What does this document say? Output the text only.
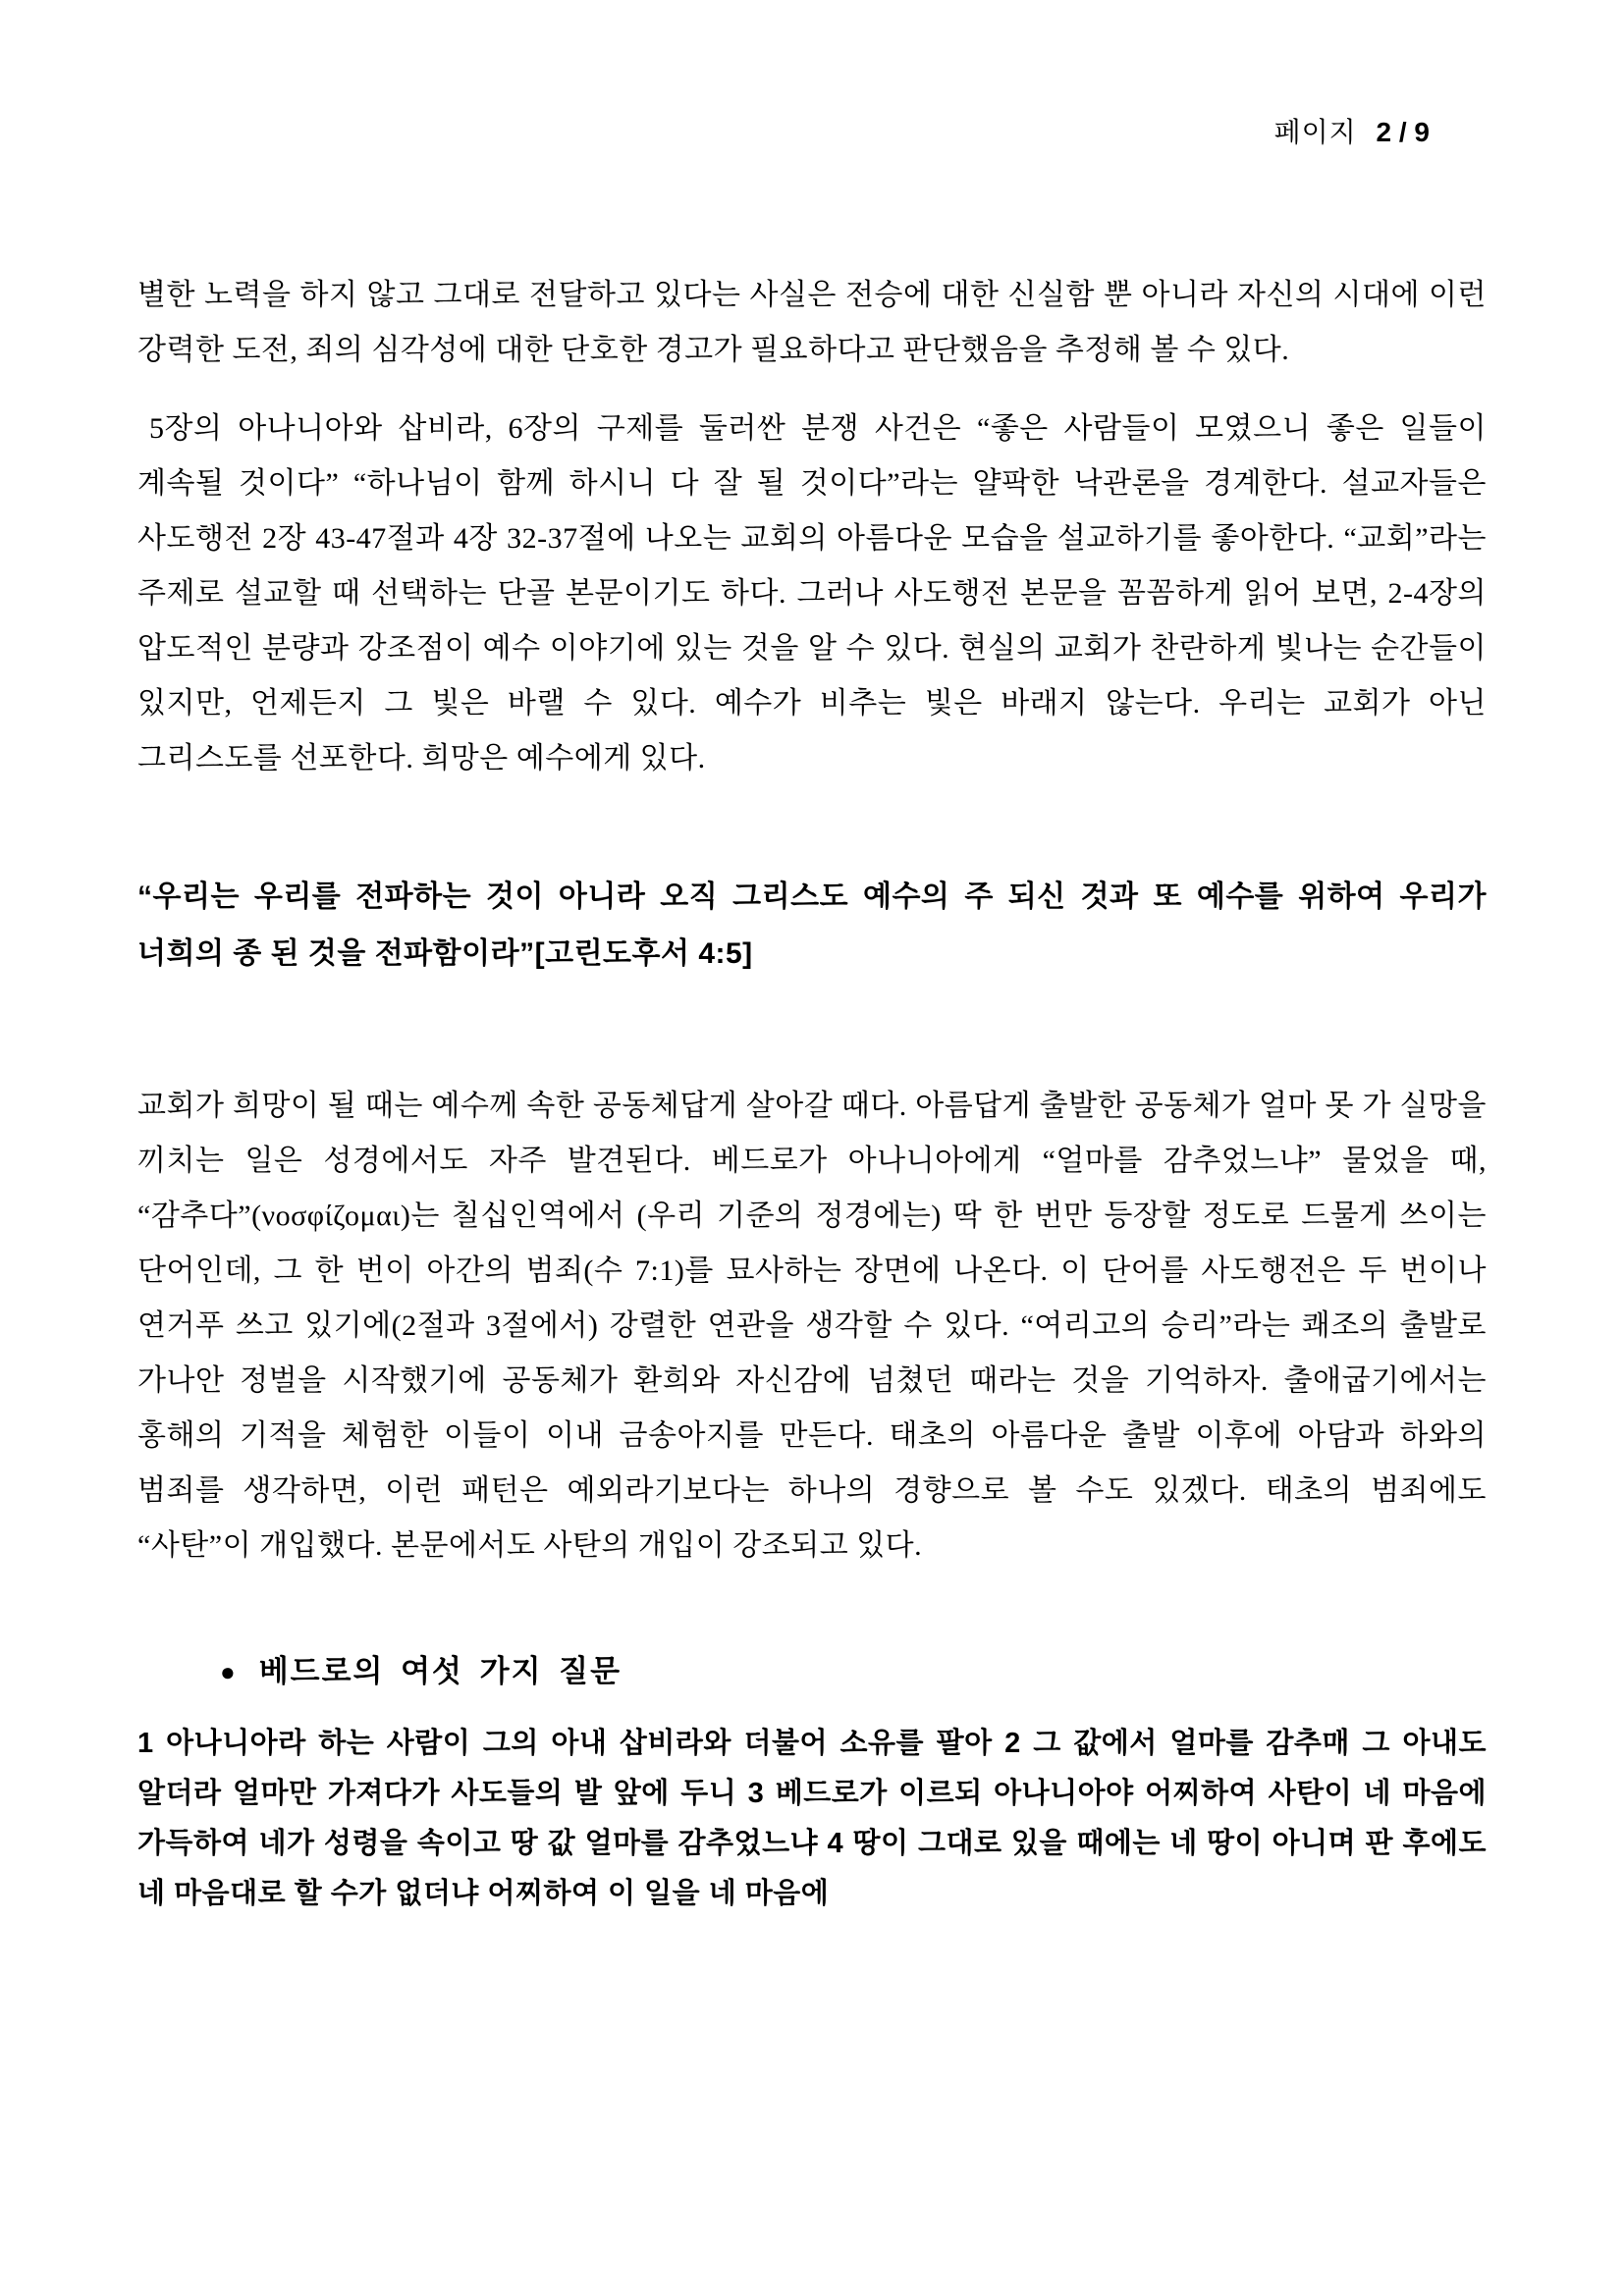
페이지 2 / 9

별한 노력을 하지 않고 그대로 전달하고 있다는 사실은 전승에 대한 신실함 뿐 아니라 자신의 시대에 이런 강력한 도전, 죄의 심각성에 대한 단호한 경고가 필요하다고 판단했음을 추정해 볼 수 있다.

5장의 아나니아와 삽비라, 6장의 구제를 둘러싼 분쟁 사건은 “좋은 사람들이 모였으니 좋은 일들이 계속될 것이다” “하나님이 함께 하시니 다 잘 될 것이다”라는 얄팍한 낙관론을 경계한다. 설교자들은 사도행전 2장 43-47절과 4장 32-37절에 나오는 교회의 아름다운 모습을 설교하기를 좋아한다. “교회”라는 주제로 설교할 때 선택하는 단골 본문이기도 하다. 그러나 사도행전 본문을 꼼꼼하게 읽어 보면, 2-4장의 압도적인 분량과 강조점이 예수 이야기에 있는 것을 알 수 있다. 현실의 교회가 찬란하게 빛나는 순간들이 있지만, 언제든지 그 빛은 바랠 수 있다. 예수가 비추는 빛은 바래지 않는다. 우리는 교회가 아닌 그리스도를 선포한다. 희망은 예수에게 있다.

“우리는 우리를 전파하는 것이 아니라 오직 그리스도 예수의 주 되신 것과 또 예수를 위하여 우리가 너희의 종 된 것을 전파함이라”[고린도후서 4:5]

교회가 희망이 될 때는 예수께 속한 공동체답게 살아갈 때다. 아름답게 출발한 공동체가 얼마 못 가 실망을 끼치는 일은 성경에서도 자주 발견된다. 베드로가 아나니아에게 “얼마를 감추었느냐” 물었을 때, “감추다”(νοσφίζομαι)는 칠십인역에서 (우리 기준의 정경에는) 딱 한 번만 등장할 정도로 드물게 쓰이는 단어인데, 그 한 번이 아간의 범죄(수 7:1)를 묘사하는 장면에 나온다. 이 단어를 사도행전은 두 번이나 연거푸 쓰고 있기에(2절과 3절에서) 강렬한 연관을 생각할 수 있다. “여리고의 승리”라는 쾌조의 출발로 가나안 정벌을 시작했기에 공동체가 환희와 자신감에 넘쳤던 때라는 것을 기억하자. 출애굽기에서는 홍해의 기적을 체험한 이들이 이내 금송아지를 만든다. 태초의 아름다운 출발 이후에 아담과 하와의 범죄를 생각하면, 이런 패턴은 예외라기보다는 하나의 경향으로 볼 수도 있겠다. 태초의 범죄에도 “사탄”이 개입했다. 본문에서도 사탄의 개입이 강조되고 있다.

● 베드로의 여섯 가지 질문

1 아나니아라 하는 사람이 그의 아내 삽비라와 더불어 소유를 팔아 2 그 값에서 얼마를 감추매 그 아내도 알더라 얼마만 가져다가 사도들의 발 앞에 두니 3 베드로가 이르되 아나니아야 어찌하여 사탄이 네 마음에 가득하여 네가 성령을 속이고 땅 값 얼마를 감추었느냐 4 땅이 그대로 있을 때에는 네 땅이 아니며 판 후에도 네 마음대로 할 수가 없더냐 어찌하여 이 일을 네 마음에
